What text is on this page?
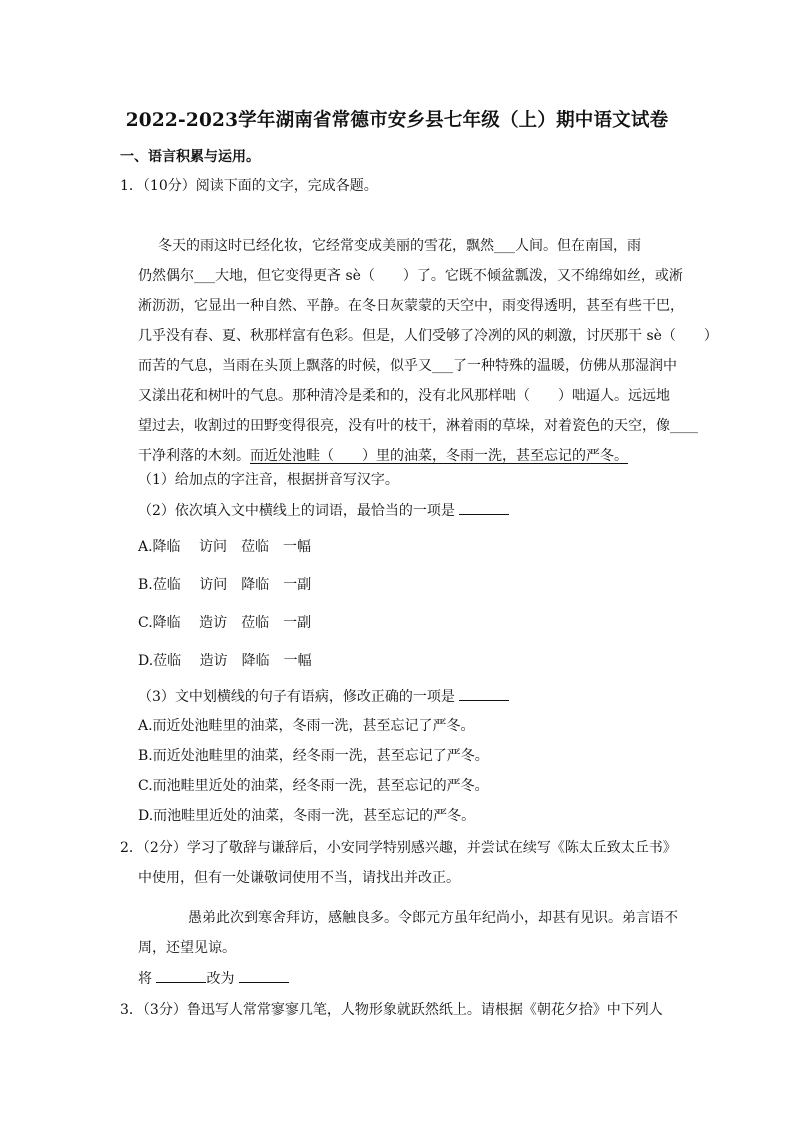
2022-2023学年湖南省常德市安乡县七年级（上）期中语文试卷
一、语言积累与运用。
1．（10分）阅读下面的文字，完成各题。
冬天的雨这时已经化妆，它经常变成美丽的雪花，飘然___人间。但在南国，雨
仍然偶尔___大地，但它变得更吝 sè（　　）了。它既不倾盆瓢泼，又不绵绵如丝，或淅
淅沥沥，它显出一种自然、平静。在冬日灰蒙蒙的天空中，雨变得透明，甚至有些干巴，
几乎没有春、夏、秋那样富有色彩。但是，人们受够了冷冽的风的刺激，讨厌那干 sè（　　）
而苦的气息，当雨在头顶上飘落的时候，似乎又___了一种特殊的温暖，仿佛从那湿润中
又漾出花和树叶的气息。那种清冷是柔和的，没有北风那样咄（　　）咄逼人。远远地
望过去，收割过的田野变得很亮，没有叶的枝干，淋着雨的草垛，对着瓷色的天空，像____
干净利落的木刻。而近处池畦（　　）里的油菜，冬雨一洗，甚至忘记的严冬。
（1）给加点的字注音，根据拼音写汉字。
（2）依次填入文中横线上的词语，最恰当的一项是
A.降临　 访问　莅临　一幅
B.莅临　 访问　降临　一副
C.降临　 造访　莅临　一副
D.莅临　 造访　降临　一幅
（3）文中划横线的句子有语病，修改正确的一项是
A.而近处池畦里的油菜，冬雨一洗，甚至忘记了严冬。
B.而近处池畦里的油菜，经冬雨一洗，甚至忘记了严冬。
C.而池畦里近处的油菜，经冬雨一洗，甚至忘记的严冬。
D.而池畦里近处的油菜，冬雨一洗，甚至忘记的严冬。
2．（2分）学习了敬辞与谦辞后，小安同学特别感兴趣，并尝试在续写《陈太丘致太丘书》
中使用，但有一处谦敬词使用不当，请找出并改正。
愚弟此次到寒舍拜访，感触良多。令郎元方虽年纪尚小，却甚有见识。弟言语不
周，还望见谅。
将	改为
3．（3分）鲁迅写人常常寥寥几笔，人物形象就跃然纸上。请根据《朝花夕拾》中下列人
